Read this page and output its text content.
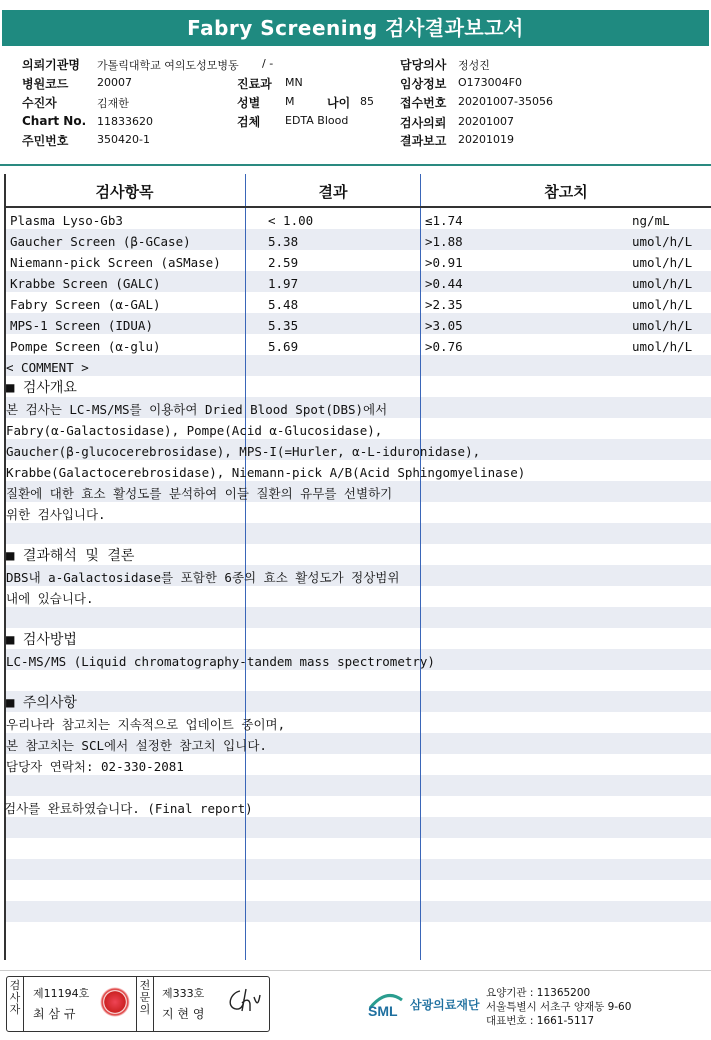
Fabry Screening 검사결과보고서
의뢰기관명 가톨릭대학교 여의도성모병동 / -	담당의사 정성진
병원코드	20007	진료과 MN	임상정보 O173004F0
수진자	김재한	성별 M	나이 85 접수번호 20201007-35056
Chart No. 11833620	검체 EDTA Blood	검사의뢰 20201007
주민번호	350420-1	결과보고 20201019
검사항목	결과	참고치
Plasma Lyso-Gb3	< 1.00	≤1.74	ng/mL
Gaucher Screen (β-GCase)	5.38	>1.88	umol/h/L
Niemann-pick Screen (aSMase)	2.59	>0.91	umol/h/L
Krabbe Screen (GALC)	1.97	>0.44	umol/h/L
Fabry Screen (α-GAL)	5.48	>2.35	umol/h/L
MPS-1 Screen (IDUA)	5.35	>3.05	umol/h/L
Pompe Screen (α-glu)	5.69	>0.76	umol/h/L
< COMMENT >
■ 검사개요
본 검사는 LC-MS/MS를 이용하여 Dried Blood Spot(DBS)에서
Fabry(α-Galactosidase), Pompe(Acid α-Glucosidase),
Gaucher(β-glucocerebrosidase), MPS-I(=Hurler, α-L-iduronidase),
Krabbe(Galactocerebrosidase), Niemann-pick A/B(Acid Sphingomyelinase)
질환에 대한 효소 활성도를 분석하여 이들 질환의 유무를 선별하기
위한 검사입니다.
■ 결과해석 및 결론
DBS내 a-Galactosidase를 포함한 6종의 효소 활성도가 정상범위
내에 있습니다.
■ 검사방법
LC-MS/MS (Liquid chromatography-tandem mass spectrometry)
■ 주의사항
우리나라 참고치는 지속적으로 업데이트 중이며,
본 참고치는 SCL에서 설정한 참고치 입니다.
담당자 연락처: 02-330-2081
검사를 완료하였습니다. (Final report)
검사자
제11194호
최 삼 규
전문의
제333호
지 현 영	SML 삼광의료재단
요양기관 : 11365200
서울특별시 서초구 양재동 9-60
대표번호 : 1661-5117
